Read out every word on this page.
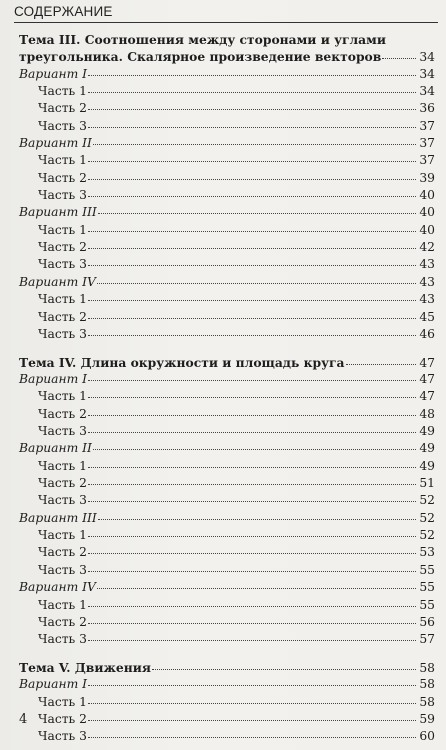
СОДЕРЖАНИЕ
Тема III. Соотношения между сторонами и углами
треугольника. Скалярное произведение векторов	34
Вариант I	34
Часть 1	34
Часть 2	36
Часть 3	37
Вариант II	37
Часть 1	37
Часть 2	39
Часть 3	40
Вариант III	40
Часть 1	40
Часть 2	42
Часть 3	43
Вариант IV	43
Часть 1	43
Часть 2	45
Часть 3	46
Тема IV. Длина окружности и площадь круга	47
Вариант I	47
Часть 1	47
Часть 2	48
Часть 3	49
Вариант II	49
Часть 1	49
Часть 2	51
Часть 3	52
Вариант III	52
Часть 1	52
Часть 2	53
Часть 3	55
Вариант IV	55
Часть 1	55
Часть 2	56
Часть 3	57
Тема V. Движения	58
Вариант I	58
Часть 1	58
Часть 2	59
Часть 3	60
4
